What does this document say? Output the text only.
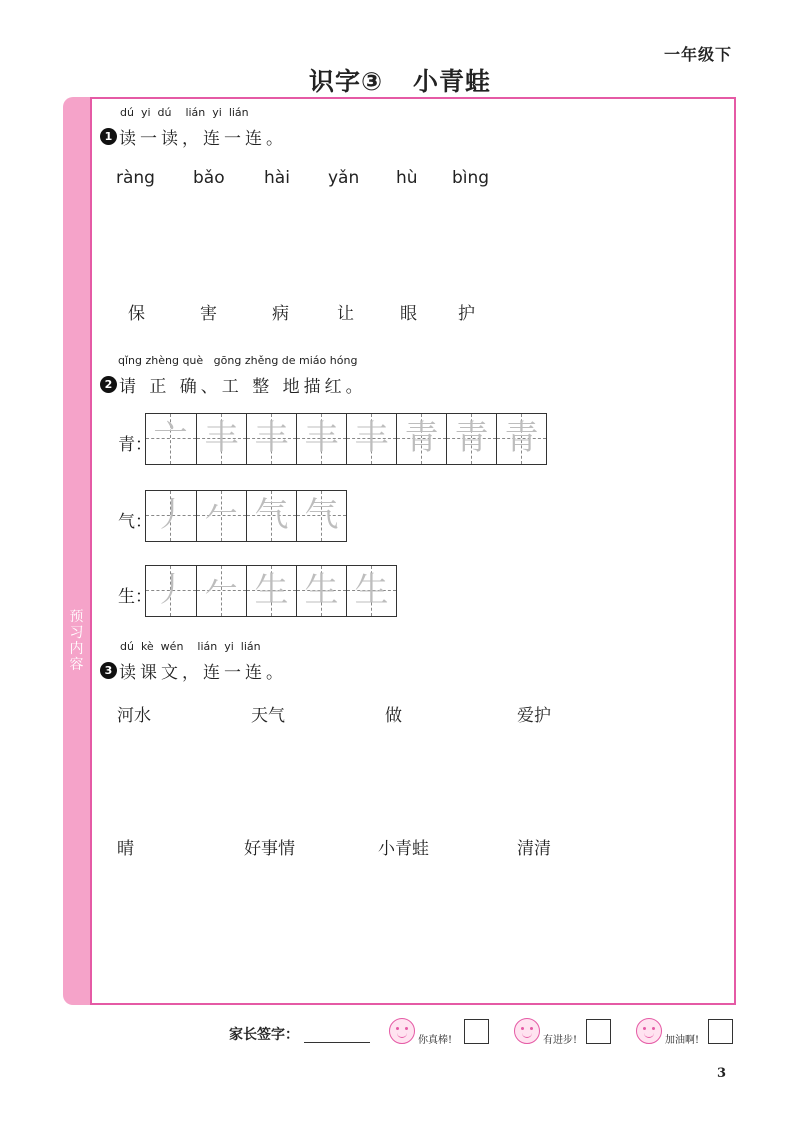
一年级下
识字③ 小青蛙
预
习
内
容
dú  yi  dú    lián  yi  lián
1 读一读，连一连。
ràng bǎo hài yǎn hù bìng
保	害	病	让	眼 护
qǐng zhèng què   gōng zhěng de miáo hóng
2 请 正 确、工 整 地描红。
青： 亠 丰 丰 丰 丰 青 青 青
气： 丿 𠂉 气 气
生： 丿 𠂉 生 生 生
dú  kè  wén    lián  yi  lián
3 读课文，连一连。
河水	天气	做	爱护
晴	好事情	小青蛙	清清
家长签字：	你真棒!	有进步!	加油啊!
3
